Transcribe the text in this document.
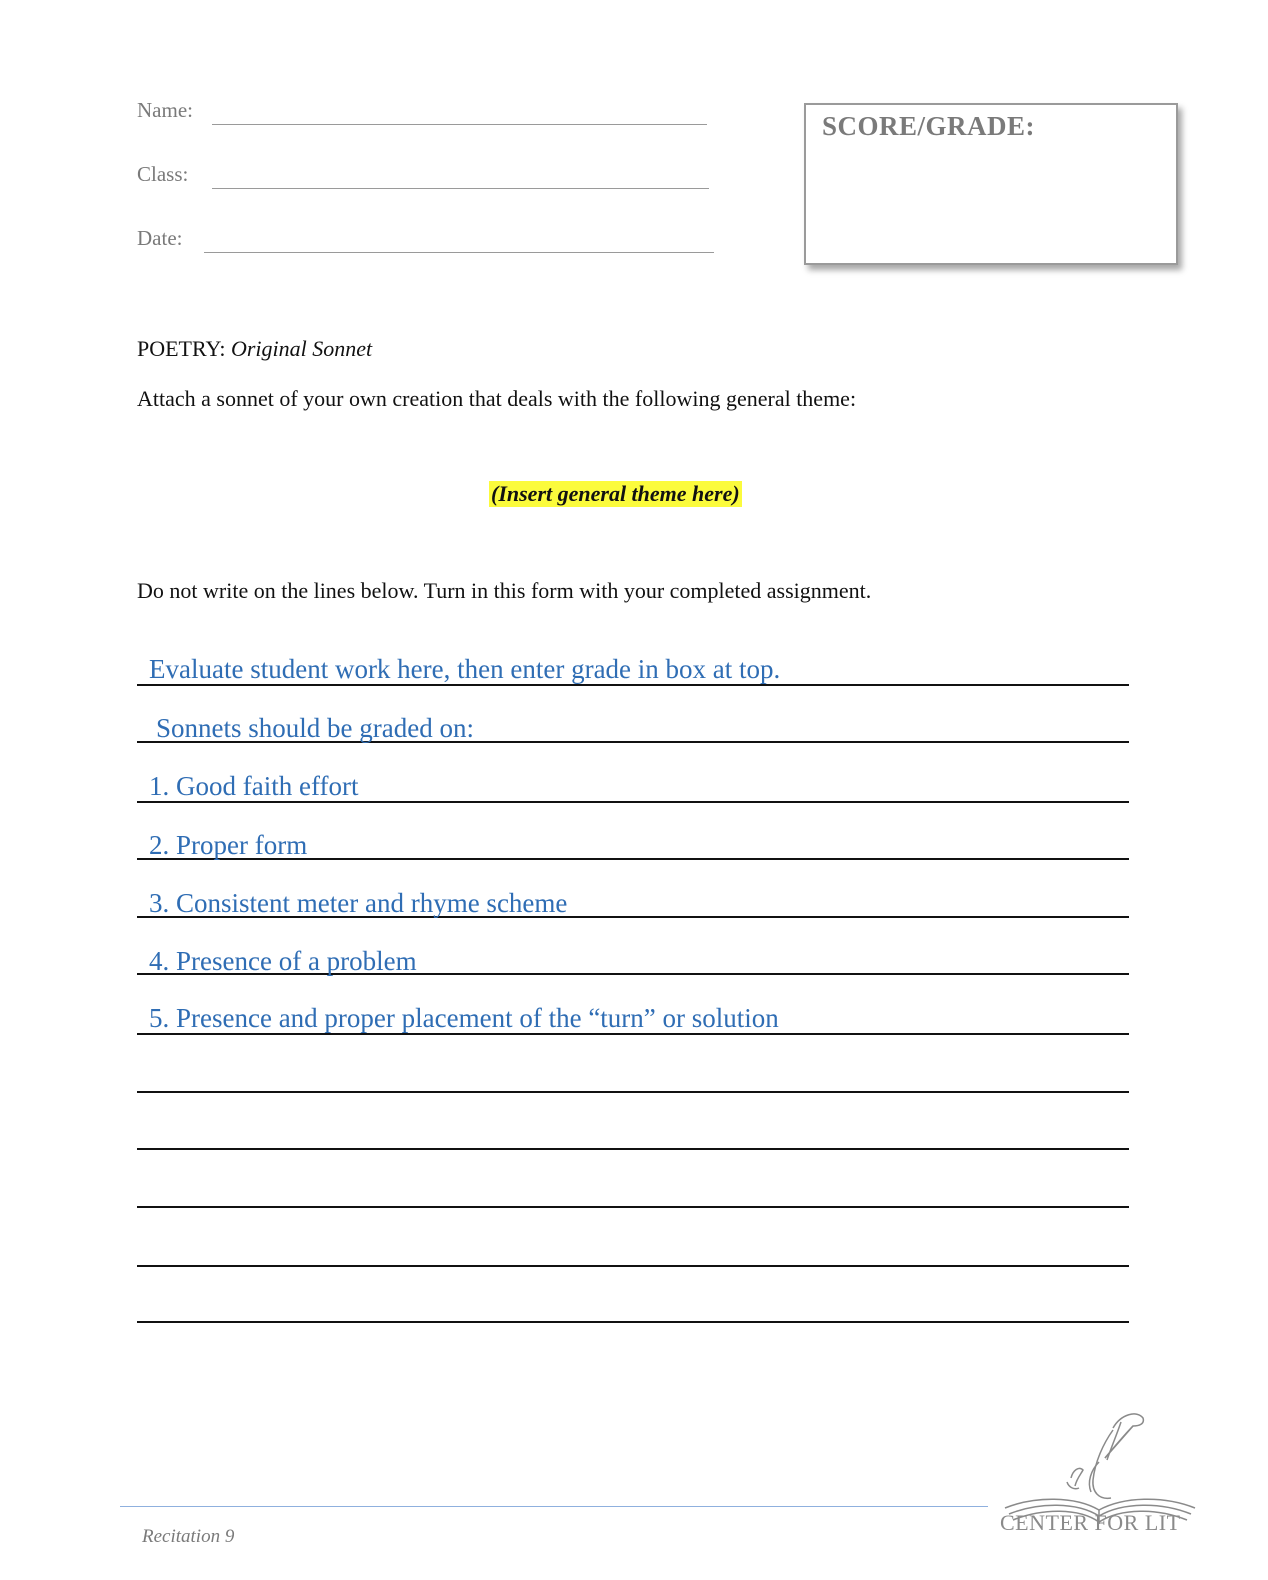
Name:
Class:
Date:
SCORE/GRADE:
POETRY: Original Sonnet
Attach a sonnet of your own creation that deals with the following general theme:
(Insert general theme here)
Do not write on the lines below. Turn in this form with your completed assignment.
Evaluate student work here, then enter grade in box at top.
Sonnets should be graded on:
1. Good faith effort
2. Proper form
3. Consistent meter and rhyme scheme
4. Presence of a problem
5. Presence and proper placement of the “turn” or solution
Recitation 9
CENTER FOR LIT
